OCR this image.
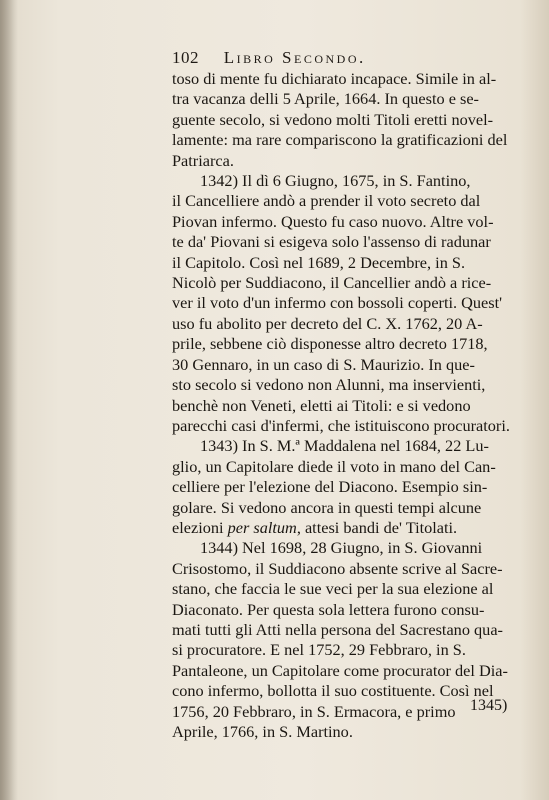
102 Libro Secondo.
toso di mente fu dichiarato incapace. Simile in al-
tra vacanza delli 5 Aprile, 1664. In questo e se-
guente secolo, si vedono molti Titoli eretti novel-
lamente: ma rare compariscono la gratificazioni del
Patriarca.
1342) Il dì 6 Giugno, 1675, in S. Fantino,
il Cancelliere andò a prender il voto secreto dal
Piovan infermo. Questo fu caso nuovo. Altre vol-
te da' Piovani si esigeva solo l'assenso di radunar
il Capitolo. Così nel 1689, 2 Decembre, in S.
Nicolò per Suddiacono, il Cancellier andò a rice-
ver il voto d'un infermo con bossoli coperti. Quest'
uso fu abolito per decreto del C. X. 1762, 20 A-
prile, sebbene ciò disponesse altro decreto 1718,
30 Gennaro, in un caso di S. Maurizio. In que-
sto secolo si vedono non Alunni, ma inservienti,
benchè non Veneti, eletti ai Titoli: e si vedono
parecchi casi d'infermi, che istituiscono procuratori.
1343) In S. M.ª Maddalena nel 1684, 22 Lu-
glio, un Capitolare diede il voto in mano del Can-
celliere per l'elezione del Diacono. Esempio sin-
golare. Si vedono ancora in questi tempi alcune
elezioni per saltum, attesi bandi de' Titolati.
1344) Nel 1698, 28 Giugno, in S. Giovanni
Crisostomo, il Suddiacono absente scrive al Sacre-
stano, che faccia le sue veci per la sua elezione al
Diaconato. Per questa sola lettera furono consu-
mati tutti gli Atti nella persona del Sacrestano qua-
si procuratore. E nel 1752, 29 Febbraro, in S.
Pantaleone, un Capitolare come procurator del Dia-
cono infermo, bollotta il suo costituente. Così nel
1756, 20 Febbraro, in S. Ermacora, e primo
Aprile, 1766, in S. Martino.
1345)
